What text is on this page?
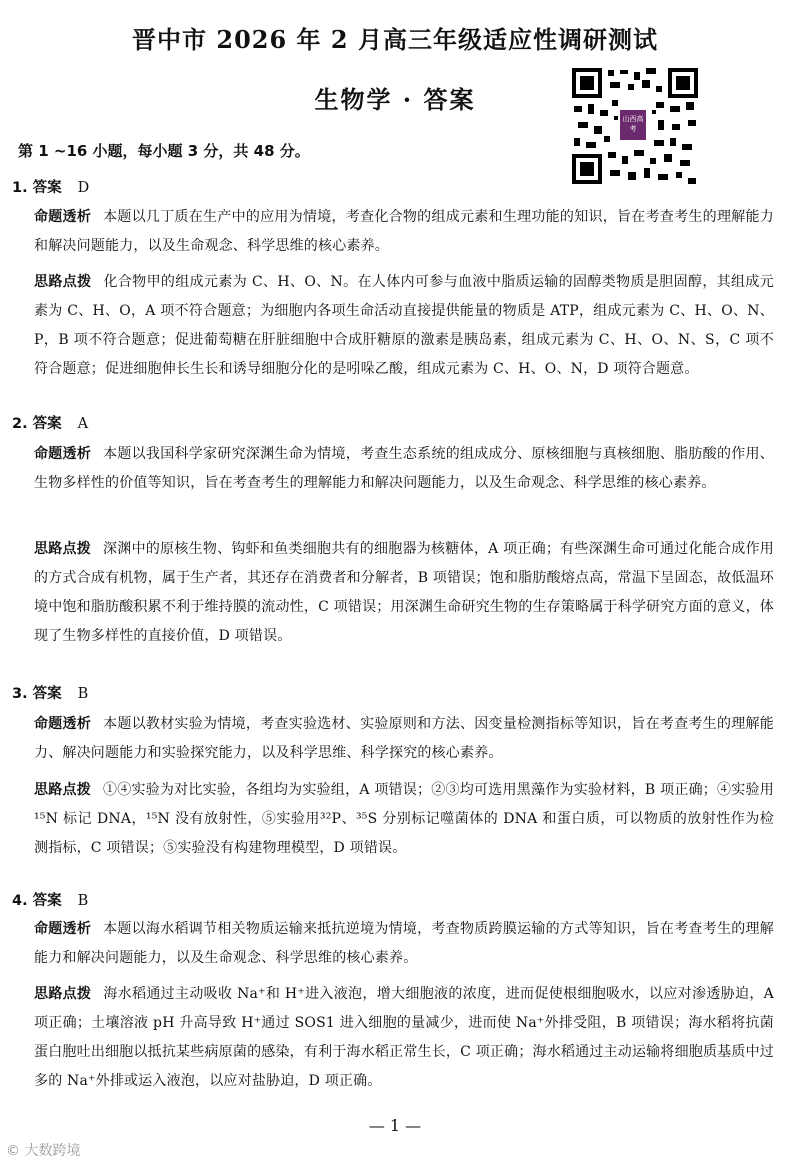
晋中市 2026 年 2 月高三年级适应性调研测试
生物学 · 答案
山西高考
第 1 ~16 小题，每小题 3 分，共 48 分。
1. 答案 D
命题透析 本题以几丁质在生产中的应用为情境，考查化合物的组成元素和生理功能的知识，旨在考查考生的理解能力和解决问题能力，以及生命观念、科学思维的核心素养。
思路点拨 化合物甲的组成元素为 C、H、O、N。在人体内可参与血液中脂质运输的固醇类物质是胆固醇，其组成元素为 C、H、O，A 项不符合题意；为细胞内各项生命活动直接提供能量的物质是 ATP，组成元素为 C、H、O、N、P，B 项不符合题意；促进葡萄糖在肝脏细胞中合成肝糖原的激素是胰岛素，组成元素为 C、H、O、N、S，C 项不符合题意；促进细胞伸长生长和诱导细胞分化的是吲哚乙酸，组成元素为 C、H、O、N，D 项符合题意。
2. 答案 A
命题透析 本题以我国科学家研究深渊生命为情境，考查生态系统的组成成分、原核细胞与真核细胞、脂肪酸的作用、生物多样性的价值等知识，旨在考查考生的理解能力和解决问题能力，以及生命观念、科学思维的核心素养。
思路点拨 深渊中的原核生物、钩虾和鱼类细胞共有的细胞器为核糖体，A 项正确；有些深渊生命可通过化能合成作用的方式合成有机物，属于生产者，其还存在消费者和分解者，B 项错误；饱和脂肪酸熔点高，常温下呈固态，故低温环境中饱和脂肪酸积累不利于维持膜的流动性，C 项错误；用深渊生命研究生物的生存策略属于科学研究方面的意义，体现了生物多样性的直接价值，D 项错误。
3. 答案 B
命题透析 本题以教材实验为情境，考查实验选材、实验原则和方法、因变量检测指标等知识，旨在考查考生的理解能力、解决问题能力和实验探究能力，以及科学思维、科学探究的核心素养。
思路点拨 ①④实验为对比实验，各组均为实验组，A 项错误；②③均可选用黑藻作为实验材料，B 项正确；④实验用¹⁵N 标记 DNA，¹⁵N 没有放射性，⑤实验用³²P、³⁵S 分别标记噬菌体的 DNA 和蛋白质，可以物质的放射性作为检测指标，C 项错误；⑤实验没有构建物理模型，D 项错误。
4. 答案 B
命题透析 本题以海水稻调节相关物质运输来抵抗逆境为情境，考查物质跨膜运输的方式等知识，旨在考查考生的理解能力和解决问题能力，以及生命观念、科学思维的核心素养。
思路点拨 海水稻通过主动吸收 Na⁺和 H⁺进入液泡，增大细胞液的浓度，进而促使根细胞吸水，以应对渗透胁迫，A 项正确；土壤溶液 pH 升高导致 H⁺通过 SOS1 进入细胞的量减少，进而使 Na⁺外排受阻，B 项错误；海水稻将抗菌蛋白胞吐出细胞以抵抗某些病原菌的感染，有利于海水稻正常生长，C 项正确；海水稻通过主动运输将细胞质基质中过多的 Na⁺外排或运入液泡，以应对盐胁迫，D 项正确。
— 1 —
© 大数跨境
